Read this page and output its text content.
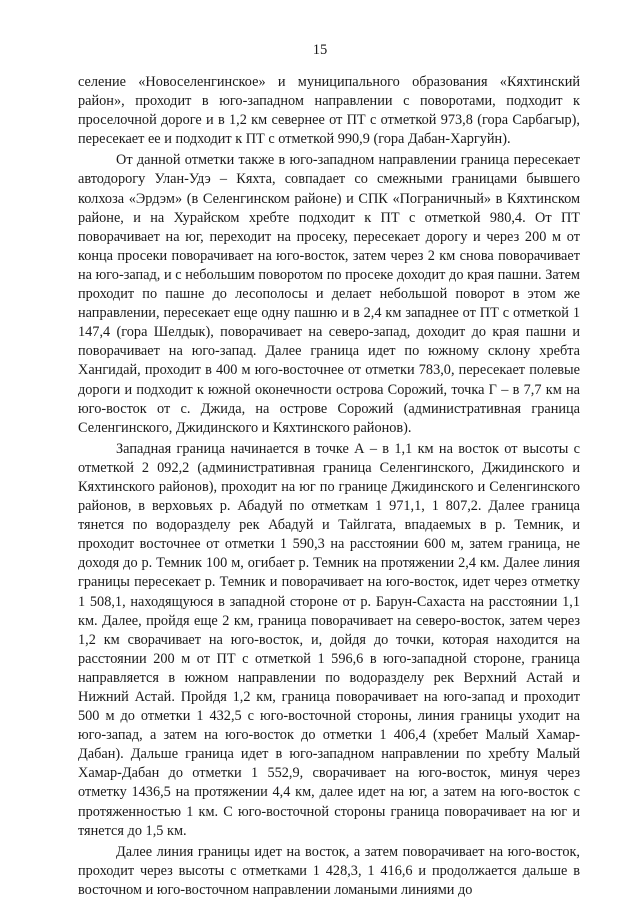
15

селение «Новоселенгинское» и муниципального образования «Кяхтинский район», проходит в юго-западном направлении с поворотами, подходит к проселочной дороге и в 1,2 км севернее от ПТ с отметкой 973,8 (гора Сарбагыр), пересекает ее и подходит к ПТ с отметкой 990,9 (гора Дабан-Харгуйн).

От данной отметки также в юго-западном направлении граница пересекает автодорогу Улан-Удэ – Кяхта, совпадает со смежными границами бывшего колхоза «Эрдэм» (в Селенгинском районе) и СПК «Пограничный» в Кяхтинском районе, и на Хурайском хребте подходит к ПТ с отметкой 980,4. От ПТ поворачивает на юг, переходит на просеку, пересекает дорогу и через 200 м от конца просеки поворачивает на юго-восток, затем через 2 км снова поворачивает на юго-запад, и с небольшим поворотом по просеке доходит до края пашни. Затем проходит по пашне до лесополосы и делает небольшой поворот в этом же направлении, пересекает еще одну пашню и в 2,4 км западнее от ПТ с отметкой 1 147,4 (гора Шелдык), поворачивает на северо-запад, доходит до края пашни и поворачивает на юго-запад. Далее граница идет по южному склону хребта Хангидай, проходит в 400 м юго-восточнее от отметки 783,0, пересекает полевые дороги и подходит к южной оконечности острова Сорожий, точка Г – в 7,7 км на юго-восток от с. Джида, на острове Сорожий (административная граница Селенгинского, Джидинского и Кяхтинского районов).

Западная граница начинается в точке А – в 1,1 км на восток от высоты с отметкой 2 092,2 (административная граница Селенгинского, Джидинского и Кяхтинского районов), проходит на юг по границе Джидинского и Селенгинского районов, в верховьях р. Абадуй по отметкам 1 971,1, 1 807,2. Далее граница тянется по водоразделу рек Абадуй и Тайлгата, впадаемых в р. Темник, и проходит восточнее от отметки 1 590,3 на расстоянии 600 м, затем граница, не доходя до р. Темник 100 м, огибает р. Темник на протяжении 2,4 км. Далее линия границы пересекает р. Темник и поворачивает на юго-восток, идет через отметку 1 508,1, находящуюся в западной стороне от р. Барун-Сахаста на расстоянии 1,1 км. Далее, пройдя еще 2 км, граница поворачивает на северо-восток, затем через 1,2 км сворачивает на юго-восток, и, дойдя до точки, которая находится на расстоянии 200 м от ПТ с отметкой 1 596,6 в юго-западной стороне, граница направляется в южном направлении по водоразделу рек Верхний Астай и Нижний Астай. Пройдя 1,2 км, граница поворачивает на юго-запад и проходит 500 м до отметки 1 432,5 с юго-восточной стороны, линия границы уходит на юго-запад, а затем на юго-восток до отметки 1 406,4 (хребет Малый Хамар-Дабан). Дальше граница идет в юго-западном направлении по хребту Малый Хамар-Дабан до отметки 1 552,9, сворачивает на юго-восток, минуя через отметку 1436,5 на протяжении 4,4 км, далее идет на юг, а затем на юго-восток с протяженностью 1 км. С юго-восточной стороны граница поворачивает на юг и тянется до 1,5 км.

Далее линия границы идет на восток, а затем поворачивает на юго-восток, проходит через высоты с отметками 1 428,3, 1 416,6 и продолжается дальше в восточном и юго-восточном направлении ломаными линиями до
